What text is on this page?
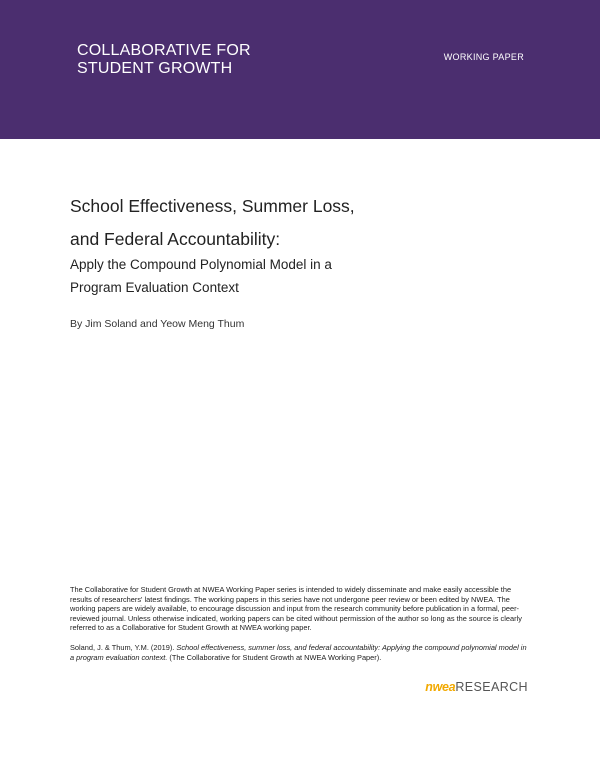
COLLABORATIVE FOR
STUDENT GROWTH
WORKING PAPER
School Effectiveness, Summer Loss,
and Federal Accountability:
Apply the Compound Polynomial Model in a
Program Evaluation Context
By Jim Soland and Yeow Meng Thum

The Collaborative for Student Growth at NWEA Working Paper series is intended to widely disseminate and make easily accessible the results of researchers' latest findings. The working papers in this series have not undergone peer review or been edited by NWEA. The working papers are widely available, to encourage discussion and input from the research community before publication in a formal, peer-reviewed journal. Unless otherwise indicated, working papers can be cited without permission of the author so long as the source is clearly referred to as a Collaborative for Student Growth at NWEA working paper.

Soland, J. & Thum, Y.M. (2019). School effectiveness, summer loss, and federal accountability: Applying the compound polynomial model in a program evaluation context. (The Collaborative for Student Growth at NWEA Working Paper).

nweaRESEARCH
